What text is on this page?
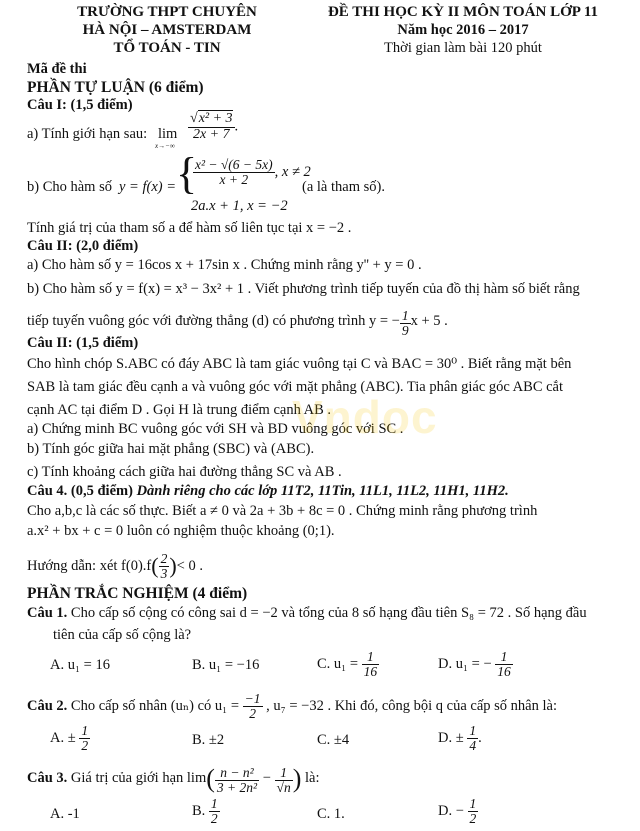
TRƯỜNG THPT CHUYÊN
HÀ NỘI – AMSTERDAM
TỔ TOÁN - TIN
ĐỀ THI HỌC KỲ II MÔN TOÁN LỚP 11
Năm học 2016 – 2017
Thời gian làm bài 120 phút
Mã đề thi
PHẦN TỰ LUẬN (6 điểm)
Câu I: (1,5 điểm)
a) Tính giới hạn sau: lim
x→−∞
$\frac{\text{√x² + 3}}{2x + 7}$ .
b) Cho hàm số y = f(x) = {
$\frac{\text{x² − √(6 − 5x)}}{x + 2}$ , x ≠ 2
2a.x + 1, x = −2
(a là tham số).
Tính giá trị của tham số a để hàm số liên tục tại x = −2 .
Câu II: (2,0 điểm)
a) Cho hàm số y = 16cos x + 17sin x . Chứng minh rằng y'' + y = 0 .
b) Cho hàm số y = f(x) = x³ − 3x² + 1 . Viết phương trình tiếp tuyến của đồ thị hàm số biết rằng
tiếp tuyến vuông góc với đường thẳng (d) có phương trình y = − $\frac{1}{9}$ x + 5 .
Câu II: (1,5 điểm)
Cho hình chóp S.ABC có đáy ABC là tam giác vuông tại C và BAC = 30⁰ . Biết rằng mặt bên
SAB là tam giác đều cạnh a và vuông góc với mặt phẳng (ABC). Tia phân giác góc ABC cắt
cạnh AC tại điểm D . Gọi H là trung điểm cạnh AB .
a) Chứng minh BC vuông góc với SH và BD vuông góc với SC .
b) Tính góc giữa hai mặt phẳng (SBC) và (ABC).
c) Tính khoảng cách giữa hai đường thẳng SC và AB .
Vndoc
Câu 4. (0,5 điểm) Dành riêng cho các lớp 11T2, 11Tin, 11L1, 11L2, 11H1, 11H2.
Cho a,b,c là các số thực. Biết a ≠ 0 và 2a + 3b + 8c = 0 . Chứng minh rằng phương trình
a.x² + bx + c = 0 luôn có nghiệm thuộc khoảng (0;1).
Hướng dẫn: xét $f(0).f( \frac{2}{3}$ )< 0 .
PHẦN TRẮC NGHIỆM (4 điểm)
Câu 1. Cho cấp số cộng có công sai d = −2 và tổng của 8 số hạng đầu tiên S₈ = 72 . Số hạng đầu
tiên của cấp số cộng là?
A. u₁ = 16	B. u₁ = −16	C. $u_1 = \frac{1}{16}$	D. u₁ = − $\frac{1}{16}$
Câu 2. Cho cấp số nhân (uₙ) có $u_1 = \frac{-1}{2}$ , u₇ = −32 . Khi đó, công bội q của cấp số nhân là:
A. ± $\frac{1}{2}$	B. ±2	C. ±4	D. ± $\frac{1}{4}$ .
Câu 3. Giá trị của giới hạn $\lim( \frac{\text{n − n²}}{\text{3 + 2n²}} - \frac{1}{√n}$ ) là:
A. -1	B. $\frac{1}{2}$	C. 1.	D. − $\frac{1}{2}$
